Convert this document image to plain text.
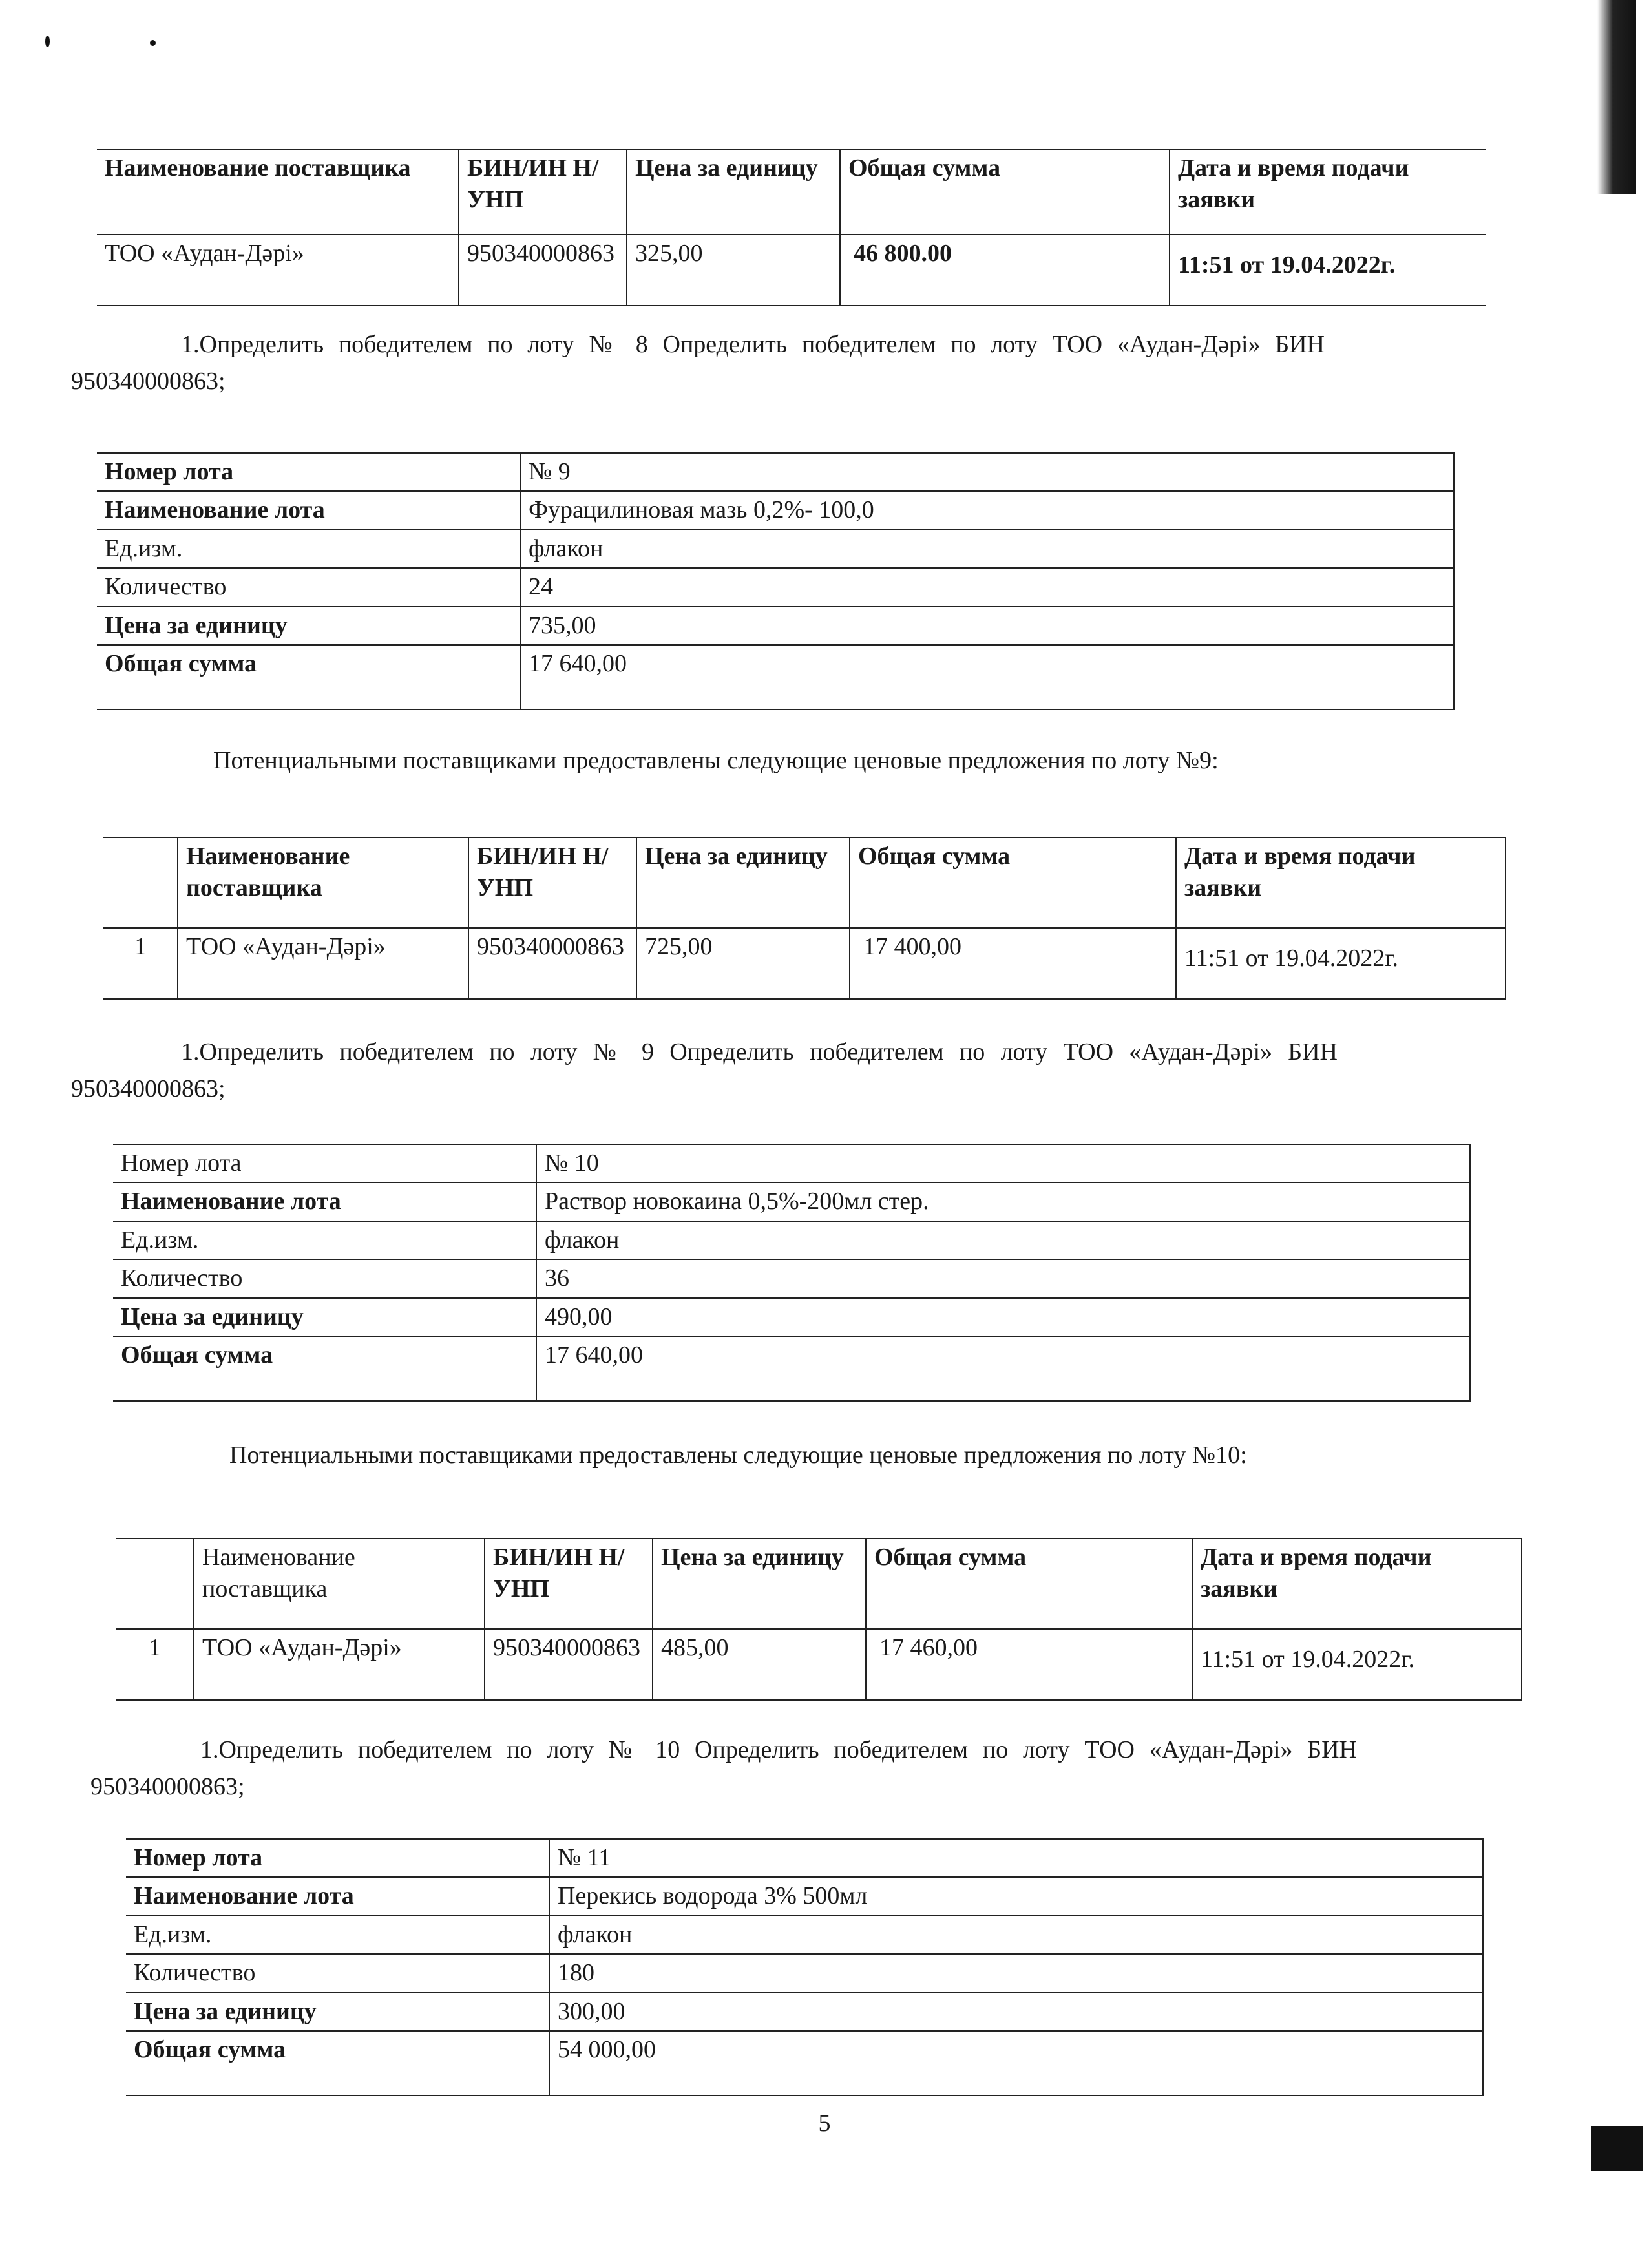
Наименование поставщика	БИН/ИН Н/УНП	Цена за единицу	Общая сумма	Дата и время подачи заявки
ТОО «Аудан-Дәрі»	950340000863	325,00	46 800.00	11:51 от 19.04.2022г.

1.Определить победителем по лоту № 8 Определить победителем по лоту ТОО «Аудан-Дәрі» БИН 950340000863;

Номер лота	№ 9
Наименование лота	Фурацилиновая мазь 0,2%- 100,0
Ед.изм.	флакон
Количество	24
Цена за единицу	735,00
Общая сумма	17 640,00

Потенциальными поставщиками предоставлены следующие ценовые предложения по лоту №9:

	Наименование поставщика	БИН/ИН Н/УНП	Цена за единицу	Общая сумма	Дата и время подачи заявки
1	ТОО «Аудан-Дәрі»	950340000863	725,00	17 400,00	11:51 от 19.04.2022г.

1.Определить победителем по лоту № 9 Определить победителем по лоту ТОО «Аудан-Дәрі» БИН 950340000863;

Номер лота	№ 10
Наименование лота	Раствор новокаина 0,5%-200мл стер.
Ед.изм.	флакон
Количество	36
Цена за единицу	490,00
Общая сумма	17 640,00

Потенциальными поставщиками предоставлены следующие ценовые предложения по лоту №10:

	Наименование поставщика	БИН/ИН Н/УНП	Цена за единицу	Общая сумма	Дата и время подачи заявки
1	ТОО «Аудан-Дәрі»	950340000863	485,00	17 460,00	11:51 от 19.04.2022г.

1.Определить победителем по лоту № 10 Определить победителем по лоту ТОО «Аудан-Дәрі» БИН 950340000863;

Номер лота	№ 11
Наименование лота	Перекись водорода 3% 500мл
Ед.изм.	флакон
Количество	180
Цена за единицу	300,00
Общая сумма	54 000,00
5
